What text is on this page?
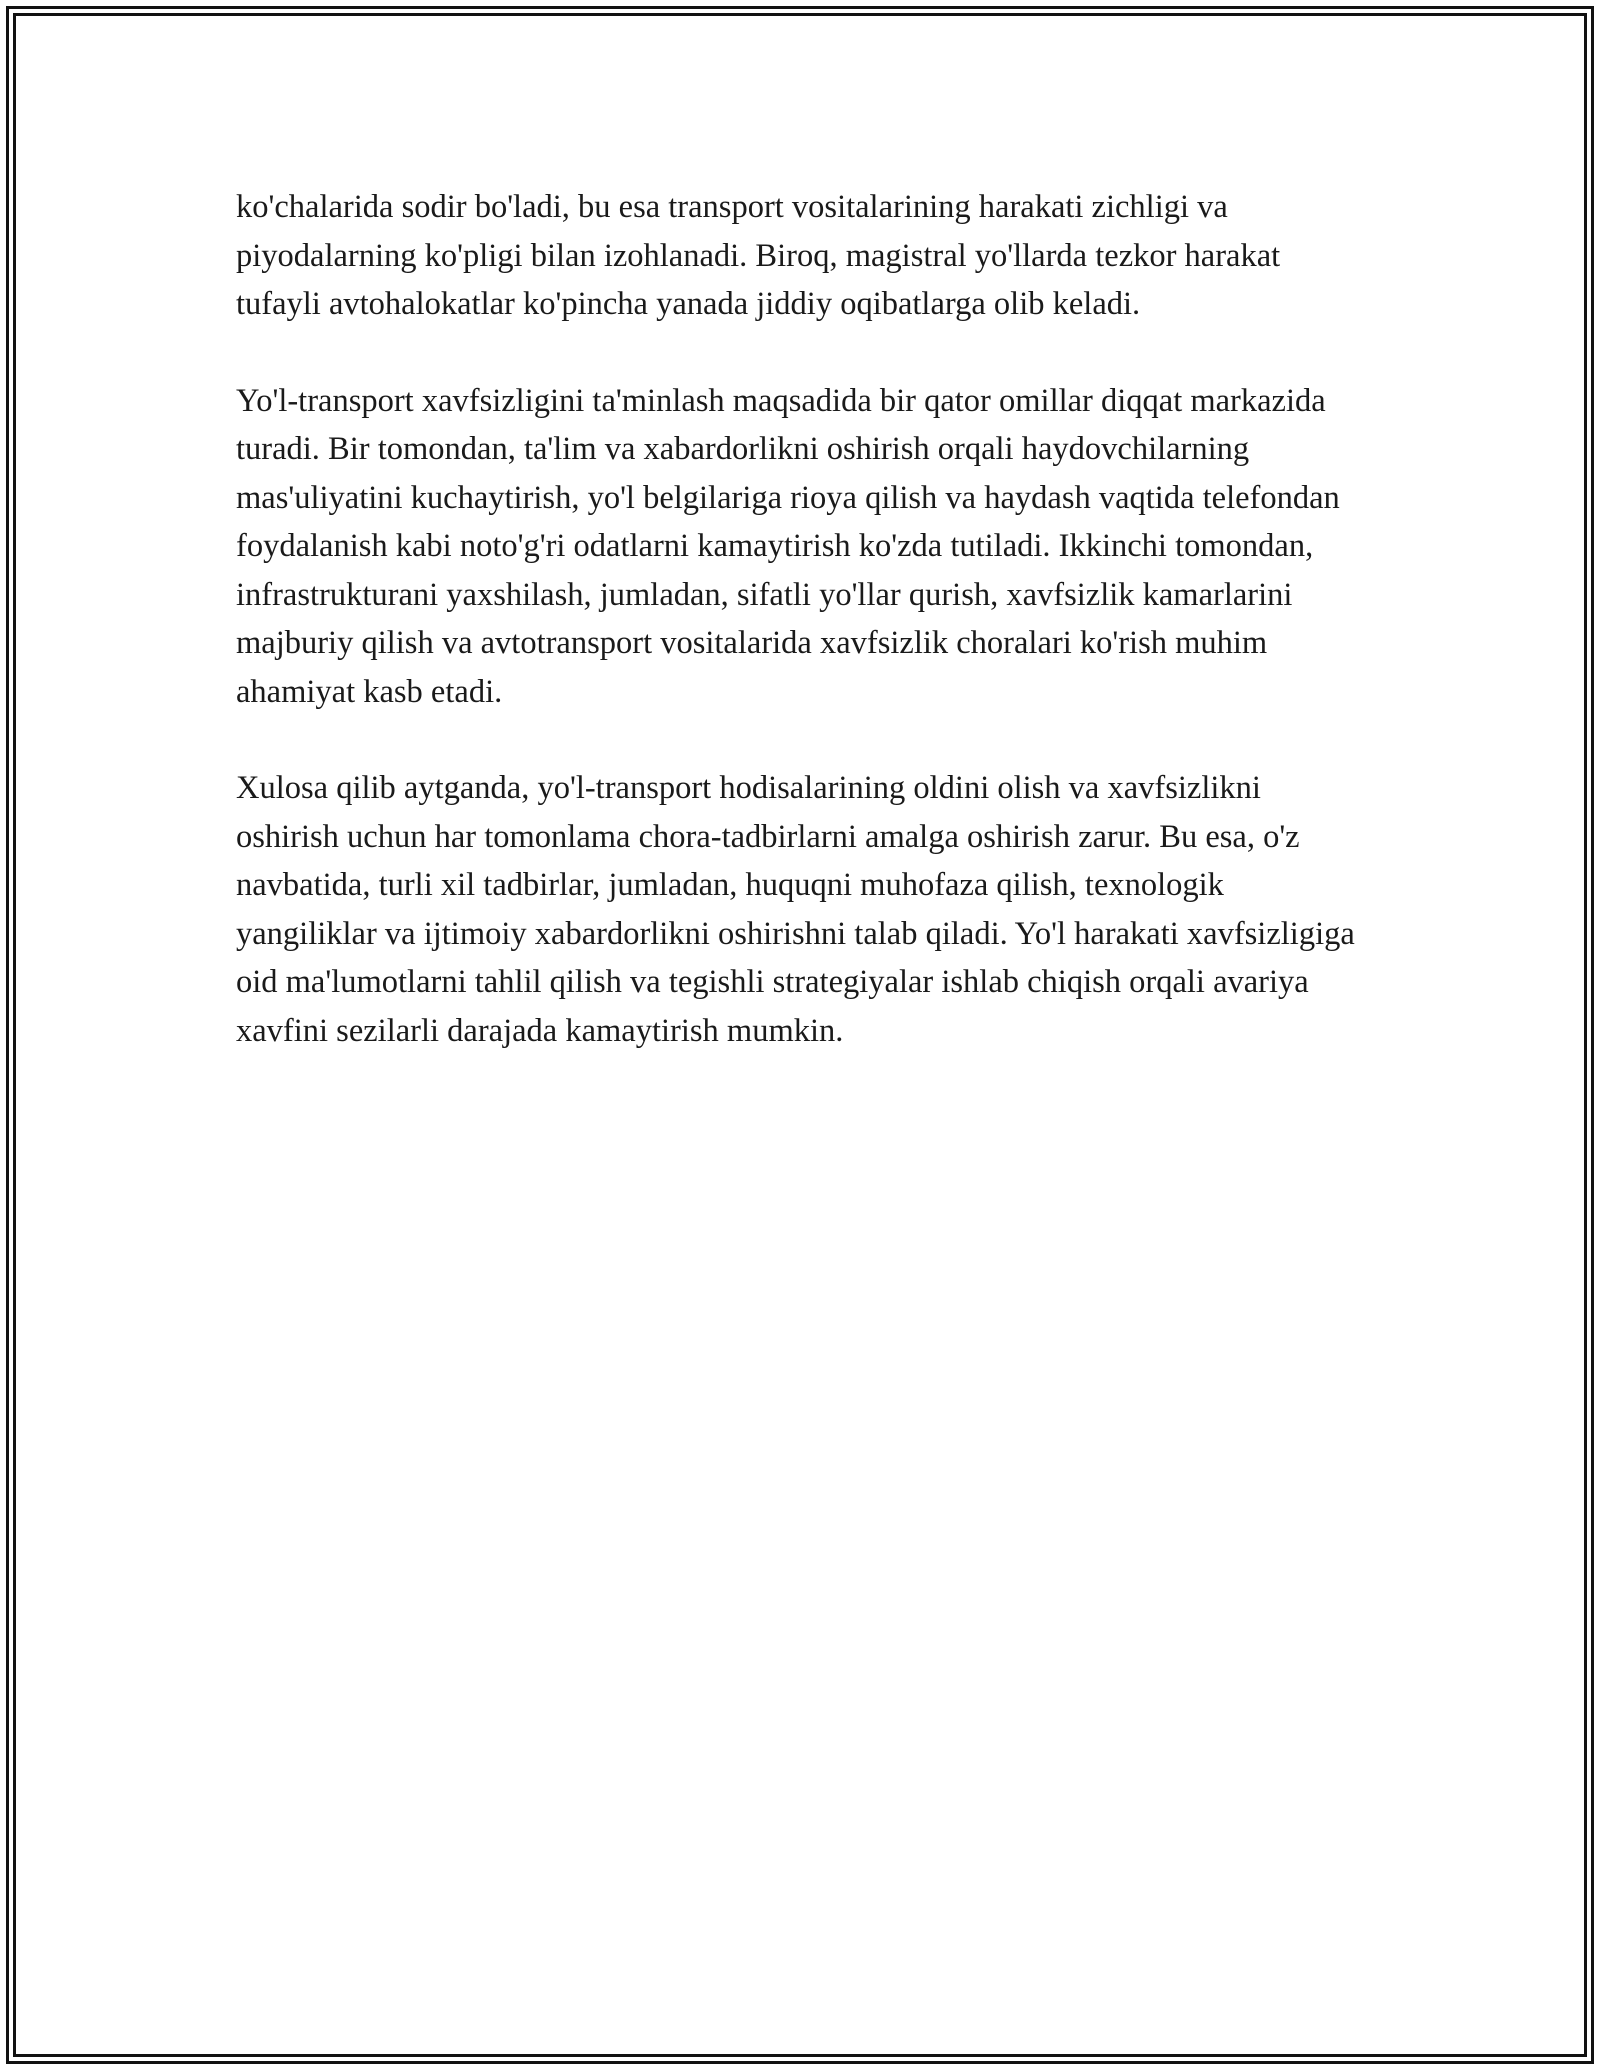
ko'chalarida sodir bo'ladi, bu esa transport vositalarining harakati zichligi va piyodalarning ko'pligi bilan izohlanadi. Biroq, magistral yo'llarda tezkor harakat tufayli avtohalokatlar ko'pincha yanada jiddiy oqibatlarga olib keladi.

Yo'l-transport xavfsizligini ta'minlash maqsadida bir qator omillar diqqat markazida turadi. Bir tomondan, ta'lim va xabardorlikni oshirish orqali haydovchilarning mas'uliyatini kuchaytirish, yo'l belgilariga rioya qilish va haydash vaqtida telefondan foydalanish kabi noto'g'ri odatlarni kamaytirish ko'zda tutiladi. Ikkinchi tomondan, infrastrukturani yaxshilash, jumladan, sifatli yo'llar qurish, xavfsizlik kamarlarini majburiy qilish va avtotransport vositalarida xavfsizlik choralari ko'rish muhim ahamiyat kasb etadi.

Xulosa qilib aytganda, yo'l-transport hodisalarining oldini olish va xavfsizlikni oshirish uchun har tomonlama chora-tadbirlarni amalga oshirish zarur. Bu esa, o'z navbatida, turli xil tadbirlar, jumladan, huquqni muhofaza qilish, texnologik yangiliklar va ijtimoiy xabardorlikni oshirishni talab qiladi. Yo'l harakati xavfsizligiga oid ma'lumotlarni tahlil qilish va tegishli strategiyalar ishlab chiqish orqali avariya xavfini sezilarli darajada kamaytirish mumkin.
